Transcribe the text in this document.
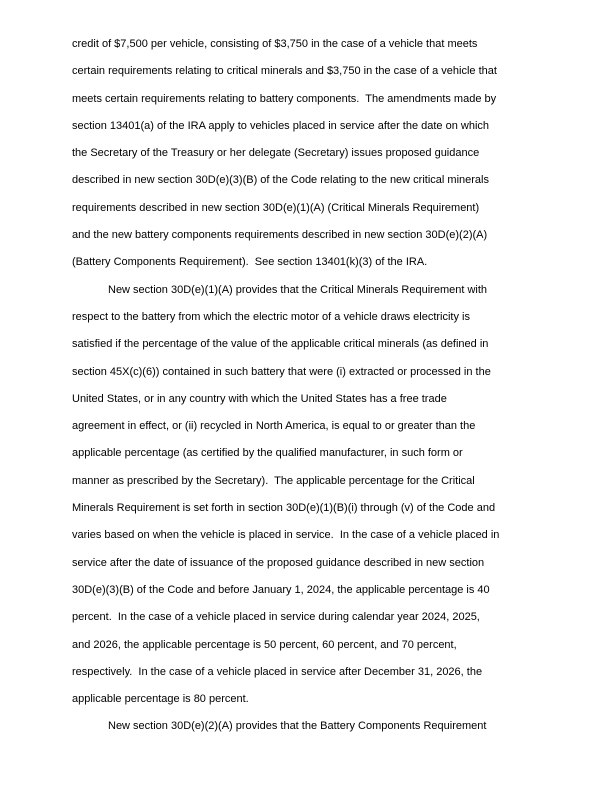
credit of $7,500 per vehicle, consisting of $3,750 in the case of a vehicle that meets
certain requirements relating to critical minerals and $3,750 in the case of a vehicle that
meets certain requirements relating to battery components.  The amendments made by
section 13401(a) of the IRA apply to vehicles placed in service after the date on which
the Secretary of the Treasury or her delegate (Secretary) issues proposed guidance
described in new section 30D(e)(3)(B) of the Code relating to the new critical minerals
requirements described in new section 30D(e)(1)(A) (Critical Minerals Requirement)
and the new battery components requirements described in new section 30D(e)(2)(A)
(Battery Components Requirement).  See section 13401(k)(3) of the IRA.
New section 30D(e)(1)(A) provides that the Critical Minerals Requirement with
respect to the battery from which the electric motor of a vehicle draws electricity is
satisfied if the percentage of the value of the applicable critical minerals (as defined in
section 45X(c)(6)) contained in such battery that were (i) extracted or processed in the
United States, or in any country with which the United States has a free trade
agreement in effect, or (ii) recycled in North America, is equal to or greater than the
applicable percentage (as certified by the qualified manufacturer, in such form or
manner as prescribed by the Secretary).  The applicable percentage for the Critical
Minerals Requirement is set forth in section 30D(e)(1)(B)(i) through (v) of the Code and
varies based on when the vehicle is placed in service.  In the case of a vehicle placed in
service after the date of issuance of the proposed guidance described in new section
30D(e)(3)(B) of the Code and before January 1, 2024, the applicable percentage is 40
percent.  In the case of a vehicle placed in service during calendar year 2024, 2025,
and 2026, the applicable percentage is 50 percent, 60 percent, and 70 percent,
respectively.  In the case of a vehicle placed in service after December 31, 2026, the
applicable percentage is 80 percent.
New section 30D(e)(2)(A) provides that the Battery Components Requirement
